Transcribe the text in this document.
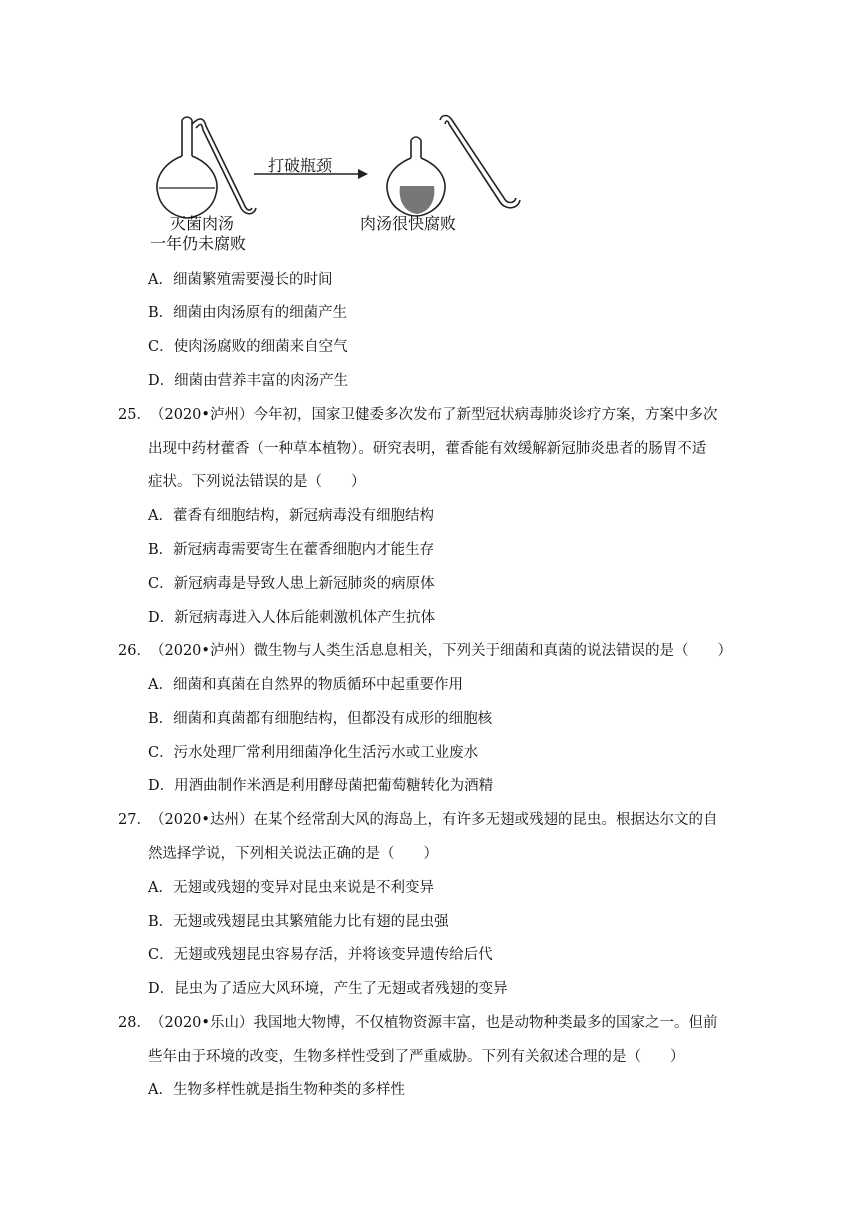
打破瓶颈
灭菌肉汤
一年仍未腐败
肉汤很快腐败
A．细菌繁殖需要漫长的时间
B．细菌由肉汤原有的细菌产生
C．使肉汤腐败的细菌来自空气
D．细菌由营养丰富的肉汤产生
25． （2020•泸州）今年初，国家卫健委多次发布了新型冠状病毒肺炎诊疗方案，方案中多次
出现中药材藿香（一种草本植物）。研究表明，藿香能有效缓解新冠肺炎患者的肠胃不适
症状。下列说法错误的是（　　）
A．藿香有细胞结构，新冠病毒没有细胞结构
B．新冠病毒需要寄生在藿香细胞内才能生存
C．新冠病毒是导致人患上新冠肺炎的病原体
D．新冠病毒进入人体后能刺激机体产生抗体
26． （2020•泸州）微生物与人类生活息息相关，下列关于细菌和真菌的说法错误的是（　　）
A．细菌和真菌在自然界的物质循环中起重要作用
B．细菌和真菌都有细胞结构，但都没有成形的细胞核
C．污水处理厂常利用细菌净化生活污水或工业废水
D．用酒曲制作米酒是利用酵母菌把葡萄糖转化为酒精
27． （2020•达州）在某个经常刮大风的海岛上，有许多无翅或残翅的昆虫。根据达尔文的自
然选择学说，下列相关说法正确的是（　　）
A．无翅或残翅的变异对昆虫来说是不利变异
B．无翅或残翅昆虫其繁殖能力比有翅的昆虫强
C．无翅或残翅昆虫容易存活，并将该变异遗传给后代
D．昆虫为了适应大风环境，产生了无翅或者残翅的变异
28． （2020•乐山）我国地大物博，不仅植物资源丰富，也是动物种类最多的国家之一。但前
些年由于环境的改变，生物多样性受到了严重威胁。下列有关叙述合理的是（　　）
A．生物多样性就是指生物种类的多样性
